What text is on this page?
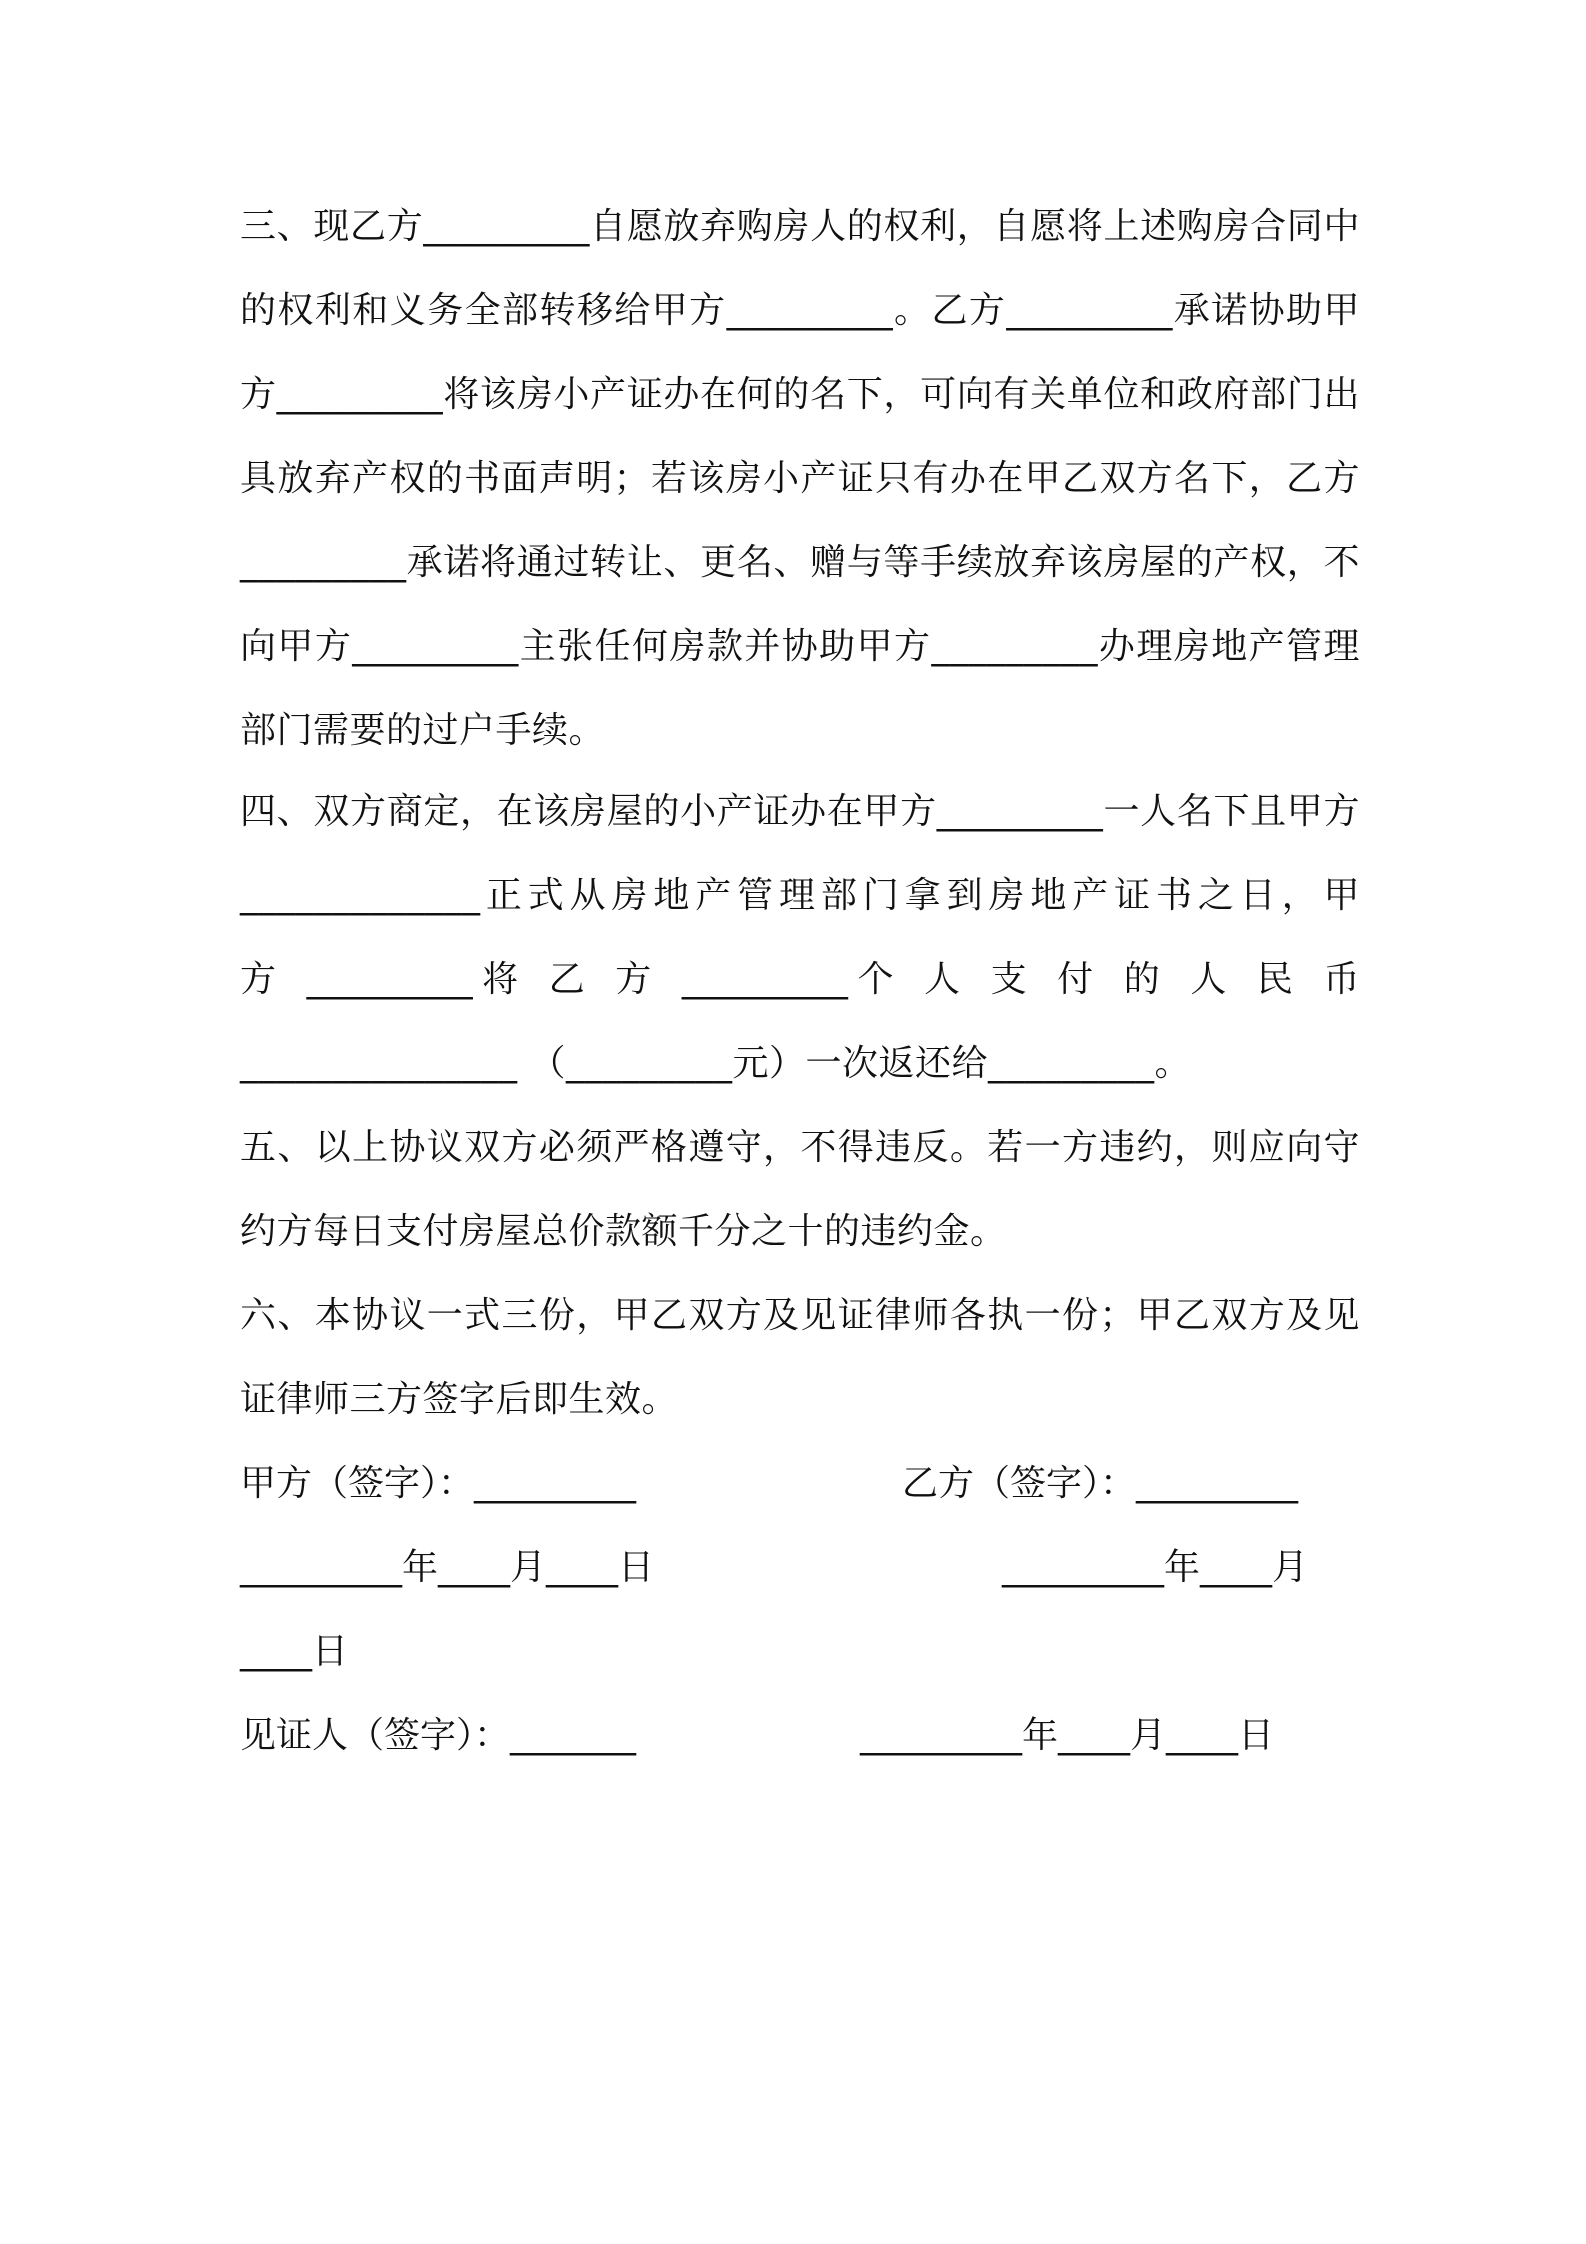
三、现乙方_________自愿放弃购房人的权利，自愿将上述购房合同中的权利和义务全部转移给甲方_________。乙方_________承诺协助甲方_________将该房小产证办在何的名下，可向有关单位和政府部门出具放弃产权的书面声明；若该房小产证只有办在甲乙双方名下，乙方_________承诺将通过转让、更名、赠与等手续放弃该房屋的产权，不向甲方_________主张任何房款并协助甲方_________办理房地产管理部门需要的过户手续。

四、双方商定，在该房屋的小产证办在甲方_________一人名下且甲方_____________正式从房地产管理部门拿到房地产证书之日，甲

方 _________将 乙 方 _________个 人 支 付 的 人 民 币

_______________ （_________元）一次返还给_________。

五、以上协议双方必须严格遵守，不得违反。若一方违约，则应向守约方每日支付房屋总价款额千分之十的违约金。

六、本协议一式三份，甲乙双方及见证律师各执一份；甲乙双方及见证律师三方签字后即生效。

甲方（签字）：_________	乙方（签字）：_________
_________年____月____日	_________年____月
____日
见证人（签字）：_______	_________年____月____日
